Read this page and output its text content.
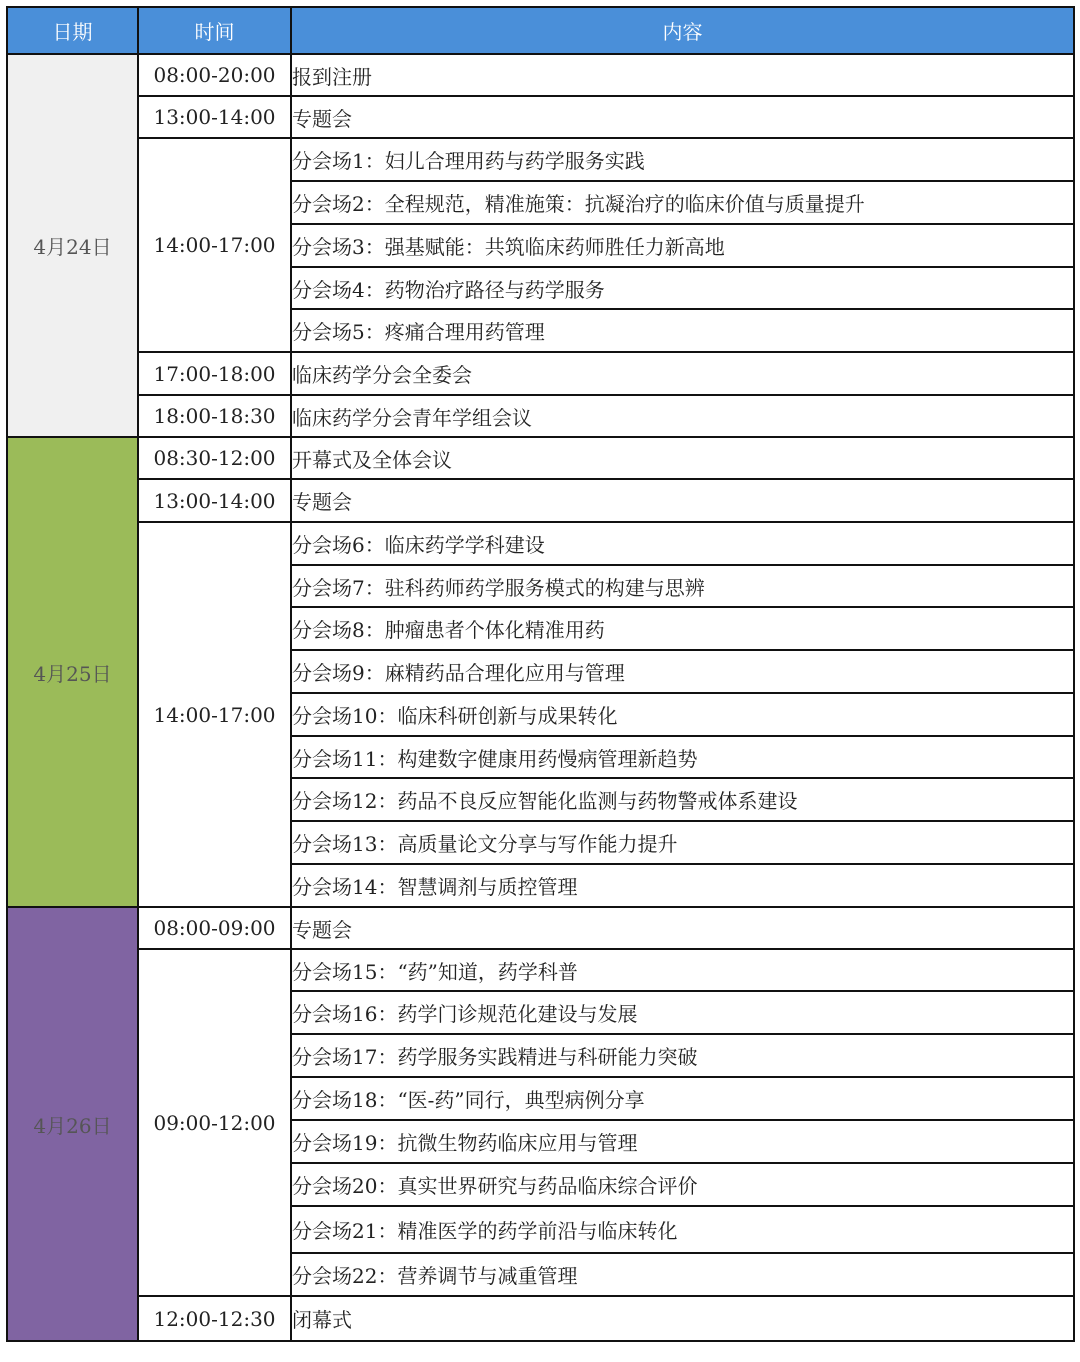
日期	时间	内容
4月24日	08:00-20:00	报到注册
	13:00-14:00	专题会
	14:00-17:00	分会场1：妇儿合理用药与药学服务实践
		分会场2：全程规范，精准施策：抗凝治疗的临床价值与质量提升
		分会场3：强基赋能：共筑临床药师胜任力新高地
		分会场4：药物治疗路径与药学服务
		分会场5：疼痛合理用药管理
	17:00-18:00	临床药学分会全委会
	18:00-18:30	临床药学分会青年学组会议
4月25日	08:30-12:00	开幕式及全体会议
	13:00-14:00	专题会
	14:00-17:00	分会场6：临床药学学科建设
		分会场7：驻科药师药学服务模式的构建与思辨
		分会场8：肿瘤患者个体化精准用药
		分会场9：麻精药品合理化应用与管理
		分会场10：临床科研创新与成果转化
		分会场11：构建数字健康用药慢病管理新趋势
		分会场12：药品不良反应智能化监测与药物警戒体系建设
		分会场13：高质量论文分享与写作能力提升
		分会场14：智慧调剂与质控管理
4月26日	08:00-09:00	专题会
	09:00-12:00	分会场15：“药”知道，药学科普
		分会场16：药学门诊规范化建设与发展
		分会场17：药学服务实践精进与科研能力突破
		分会场18：“医-药”同行，典型病例分享
		分会场19：抗微生物药临床应用与管理
		分会场20：真实世界研究与药品临床综合评价
		分会场21：精准医学的药学前沿与临床转化
		分会场22：营养调节与减重管理
	12:00-12:30	闭幕式
